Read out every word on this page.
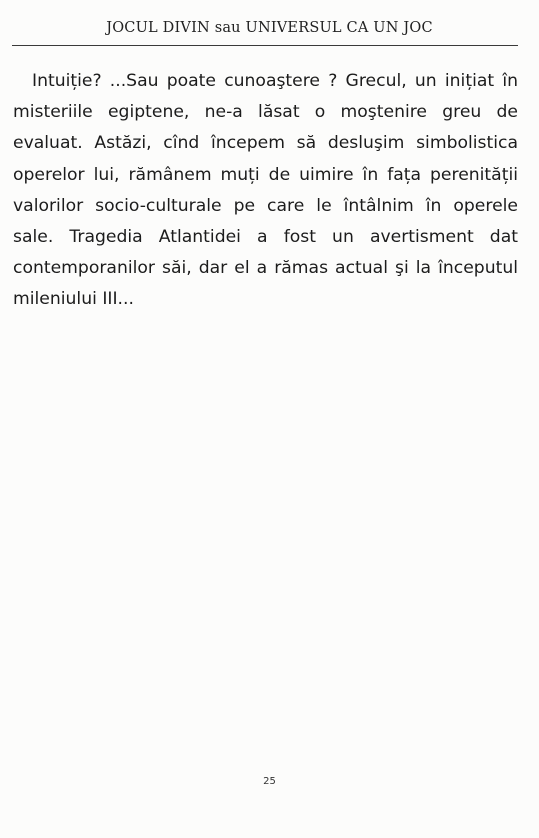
JOCUL DIVIN sau UNIVERSUL CA UN JOC

Intuiție? ...Sau poate cunoaştere ? Grecul, un inițiat în
misteriile egiptene, ne-a lăsat o moştenire greu de
evaluat. Astăzi, cînd începem să desluşim simbolistica
operelor lui, rămânem muți de uimire în fața perenității
valorilor socio-culturale pe care le întâlnim în operele
sale. Tragedia Atlantidei a fost un avertisment dat
contemporanilor săi, dar el a rămas actual şi la începutul
mileniului III...

25
